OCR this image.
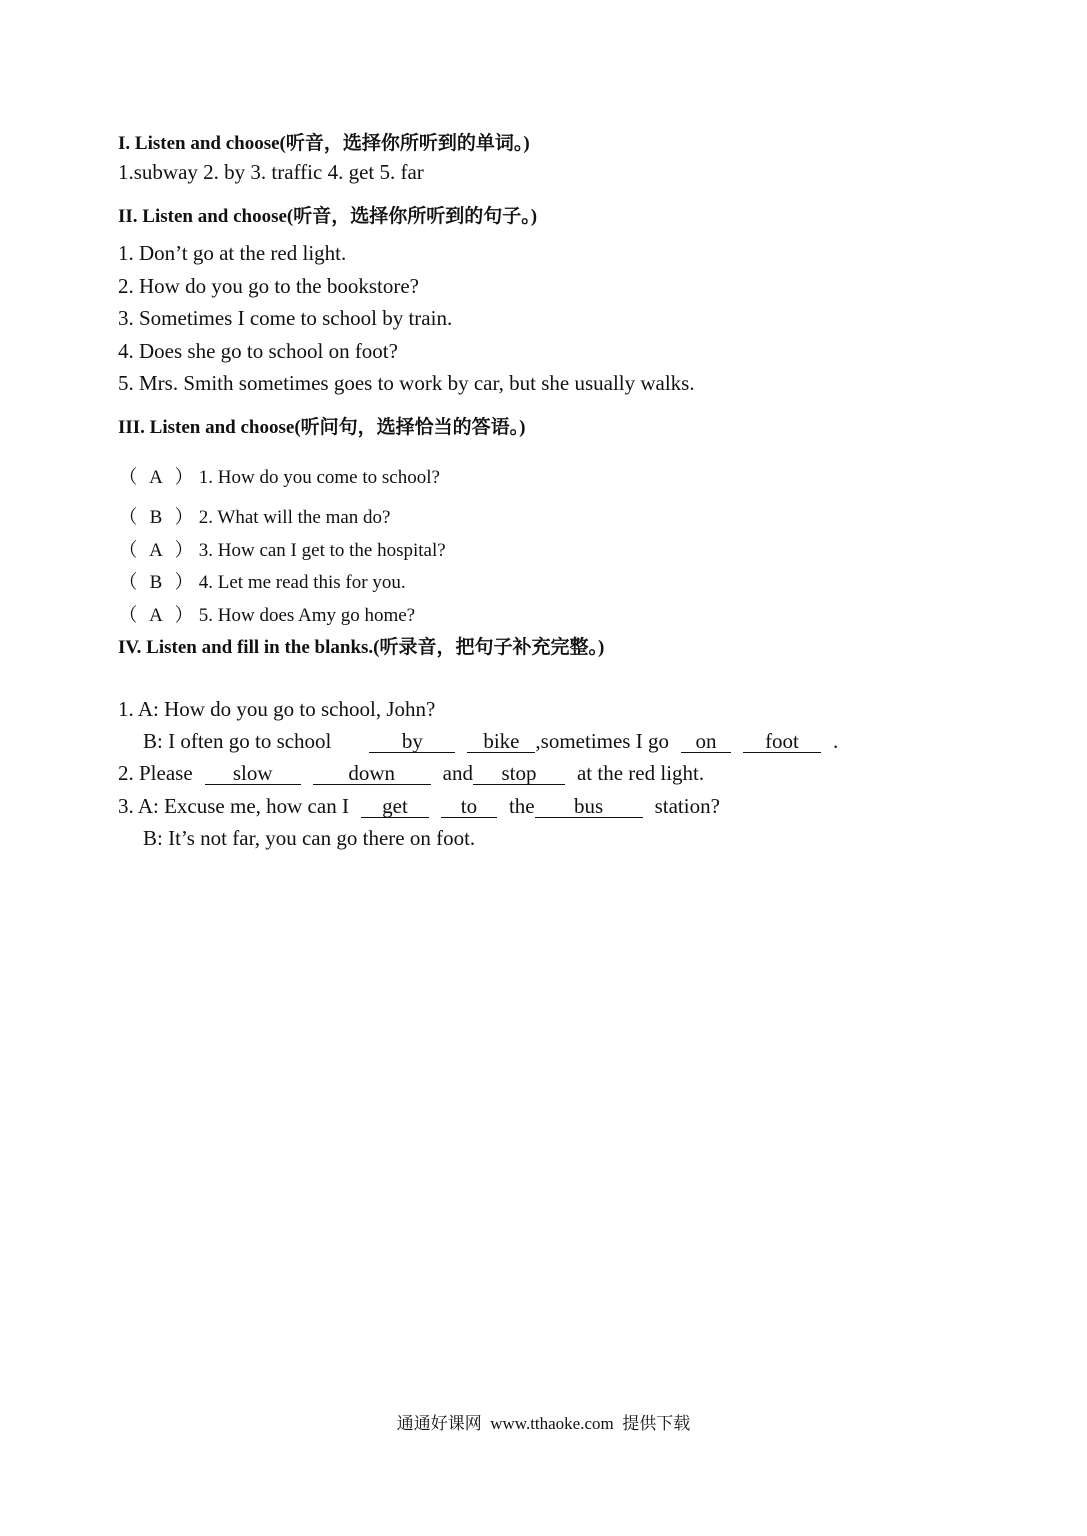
I. Listen and choose(听音，选择你所听到的单词。)
1.subway 2. by 3. traffic 4. get 5. far
II. Listen and choose(听音，选择你所听到的句子。)
1. Don’t go at the red light.
2. How do you go to the bookstore?
3. Sometimes I come to school by train.
4. Does she go to school on foot?
5. Mrs. Smith sometimes goes to work by car, but she usually walks.
III. Listen and choose(听问句，选择恰当的答语。)
（ A ） 1. How do you come to school?
（ B ） 2. What will the man do?
（ A ） 3. How can I get to the hospital?
（ B ） 4. Let me read this for you.
（ A ） 5. How does Amy go home?
IV. Listen and fill in the blanks.(听录音，把句子补充完整。)
1. A: How do you go to school, John?
B: I often go to school	by	bike ,sometimes I go on foot .
2. Please slow	down and stop at the red light.
3. A: Excuse me, how can I get	to the bus station?
B: It’s not far, you can go there on foot.
通通好课网 www.tthaoke.com 提供下载
